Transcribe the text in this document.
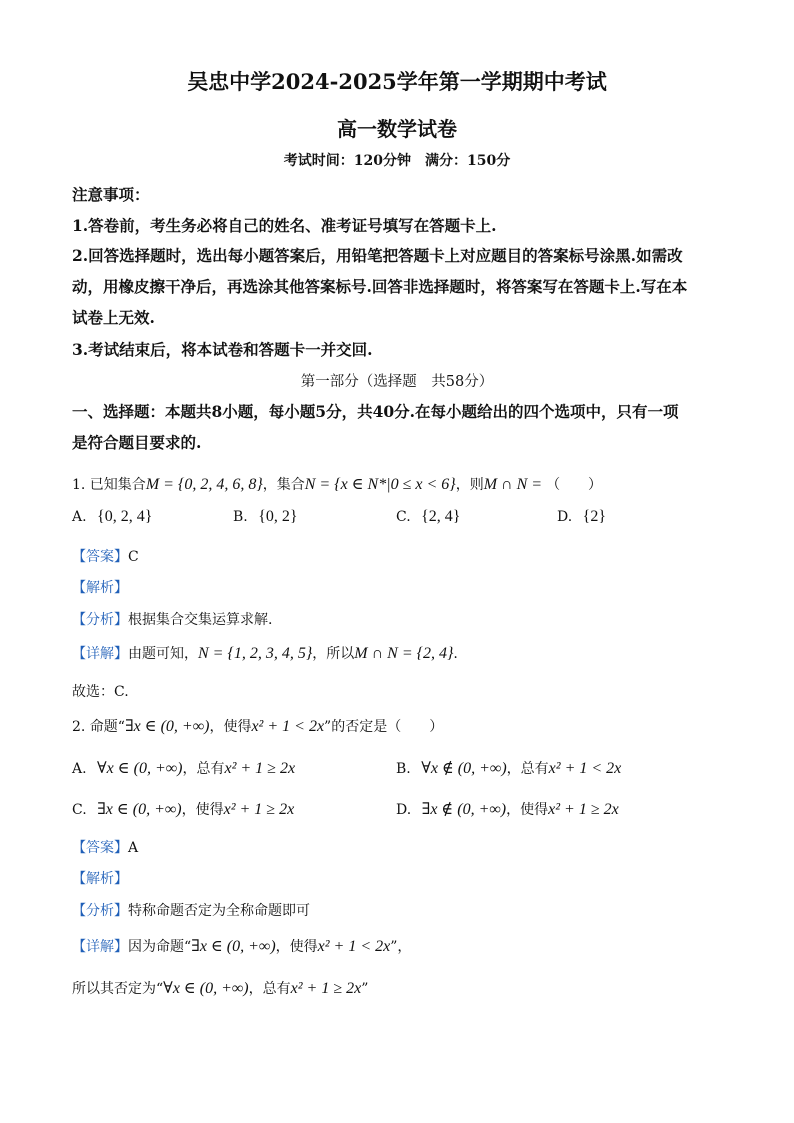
吴忠中学2024-2025学年第一学期期中考试
高一数学试卷
考试时间：120分钟　满分：150分
注意事项：
1.答卷前，考生务必将自己的姓名、准考证号填写在答题卡上.
2.回答选择题时，选出每小题答案后，用铅笔把答题卡上对应题目的答案标号涂黑.如需改
动，用橡皮擦干净后，再选涂其他答案标号.回答非选择题时，将答案写在答题卡上.写在本
试卷上无效.
3.考试结束后，将本试卷和答题卡一并交回.
第一部分（选择题　共58分）
一、选择题：本题共8小题，每小题5分，共40分.在每小题给出的四个选项中，只有一项
是符合题目要求的.
1. 已知集合M = {0, 2, 4, 6, 8}，集合N = {x ∈ N*|0 ≤ x < 6}，则M ∩ N = （　　）
A. {0, 2, 4}	B. {0, 2}	C. {2, 4}	D. {2}
【答案】C
【解析】
【分析】根据集合交集运算求解.
【详解】由题可知，N = {1, 2, 3, 4, 5}，所以M ∩ N = {2, 4}.
故选：C.
2. 命题“∃x ∈ (0, +∞)，使得x² + 1 < 2x”的否定是（　　）
A. ∀x ∈ (0, +∞)，总有x² + 1 ≥ 2x	B. ∀x ∉ (0, +∞)，总有x² + 1 < 2x
C. ∃x ∈ (0, +∞)，使得x² + 1 ≥ 2x	D. ∃x ∉ (0, +∞)，使得x² + 1 ≥ 2x
【答案】A
【解析】
【分析】特称命题否定为全称命题即可
【详解】因为命题“∃x ∈ (0, +∞)，使得x² + 1 < 2x”，
所以其否定为“∀x ∈ (0, +∞)，总有x² + 1 ≥ 2x”
